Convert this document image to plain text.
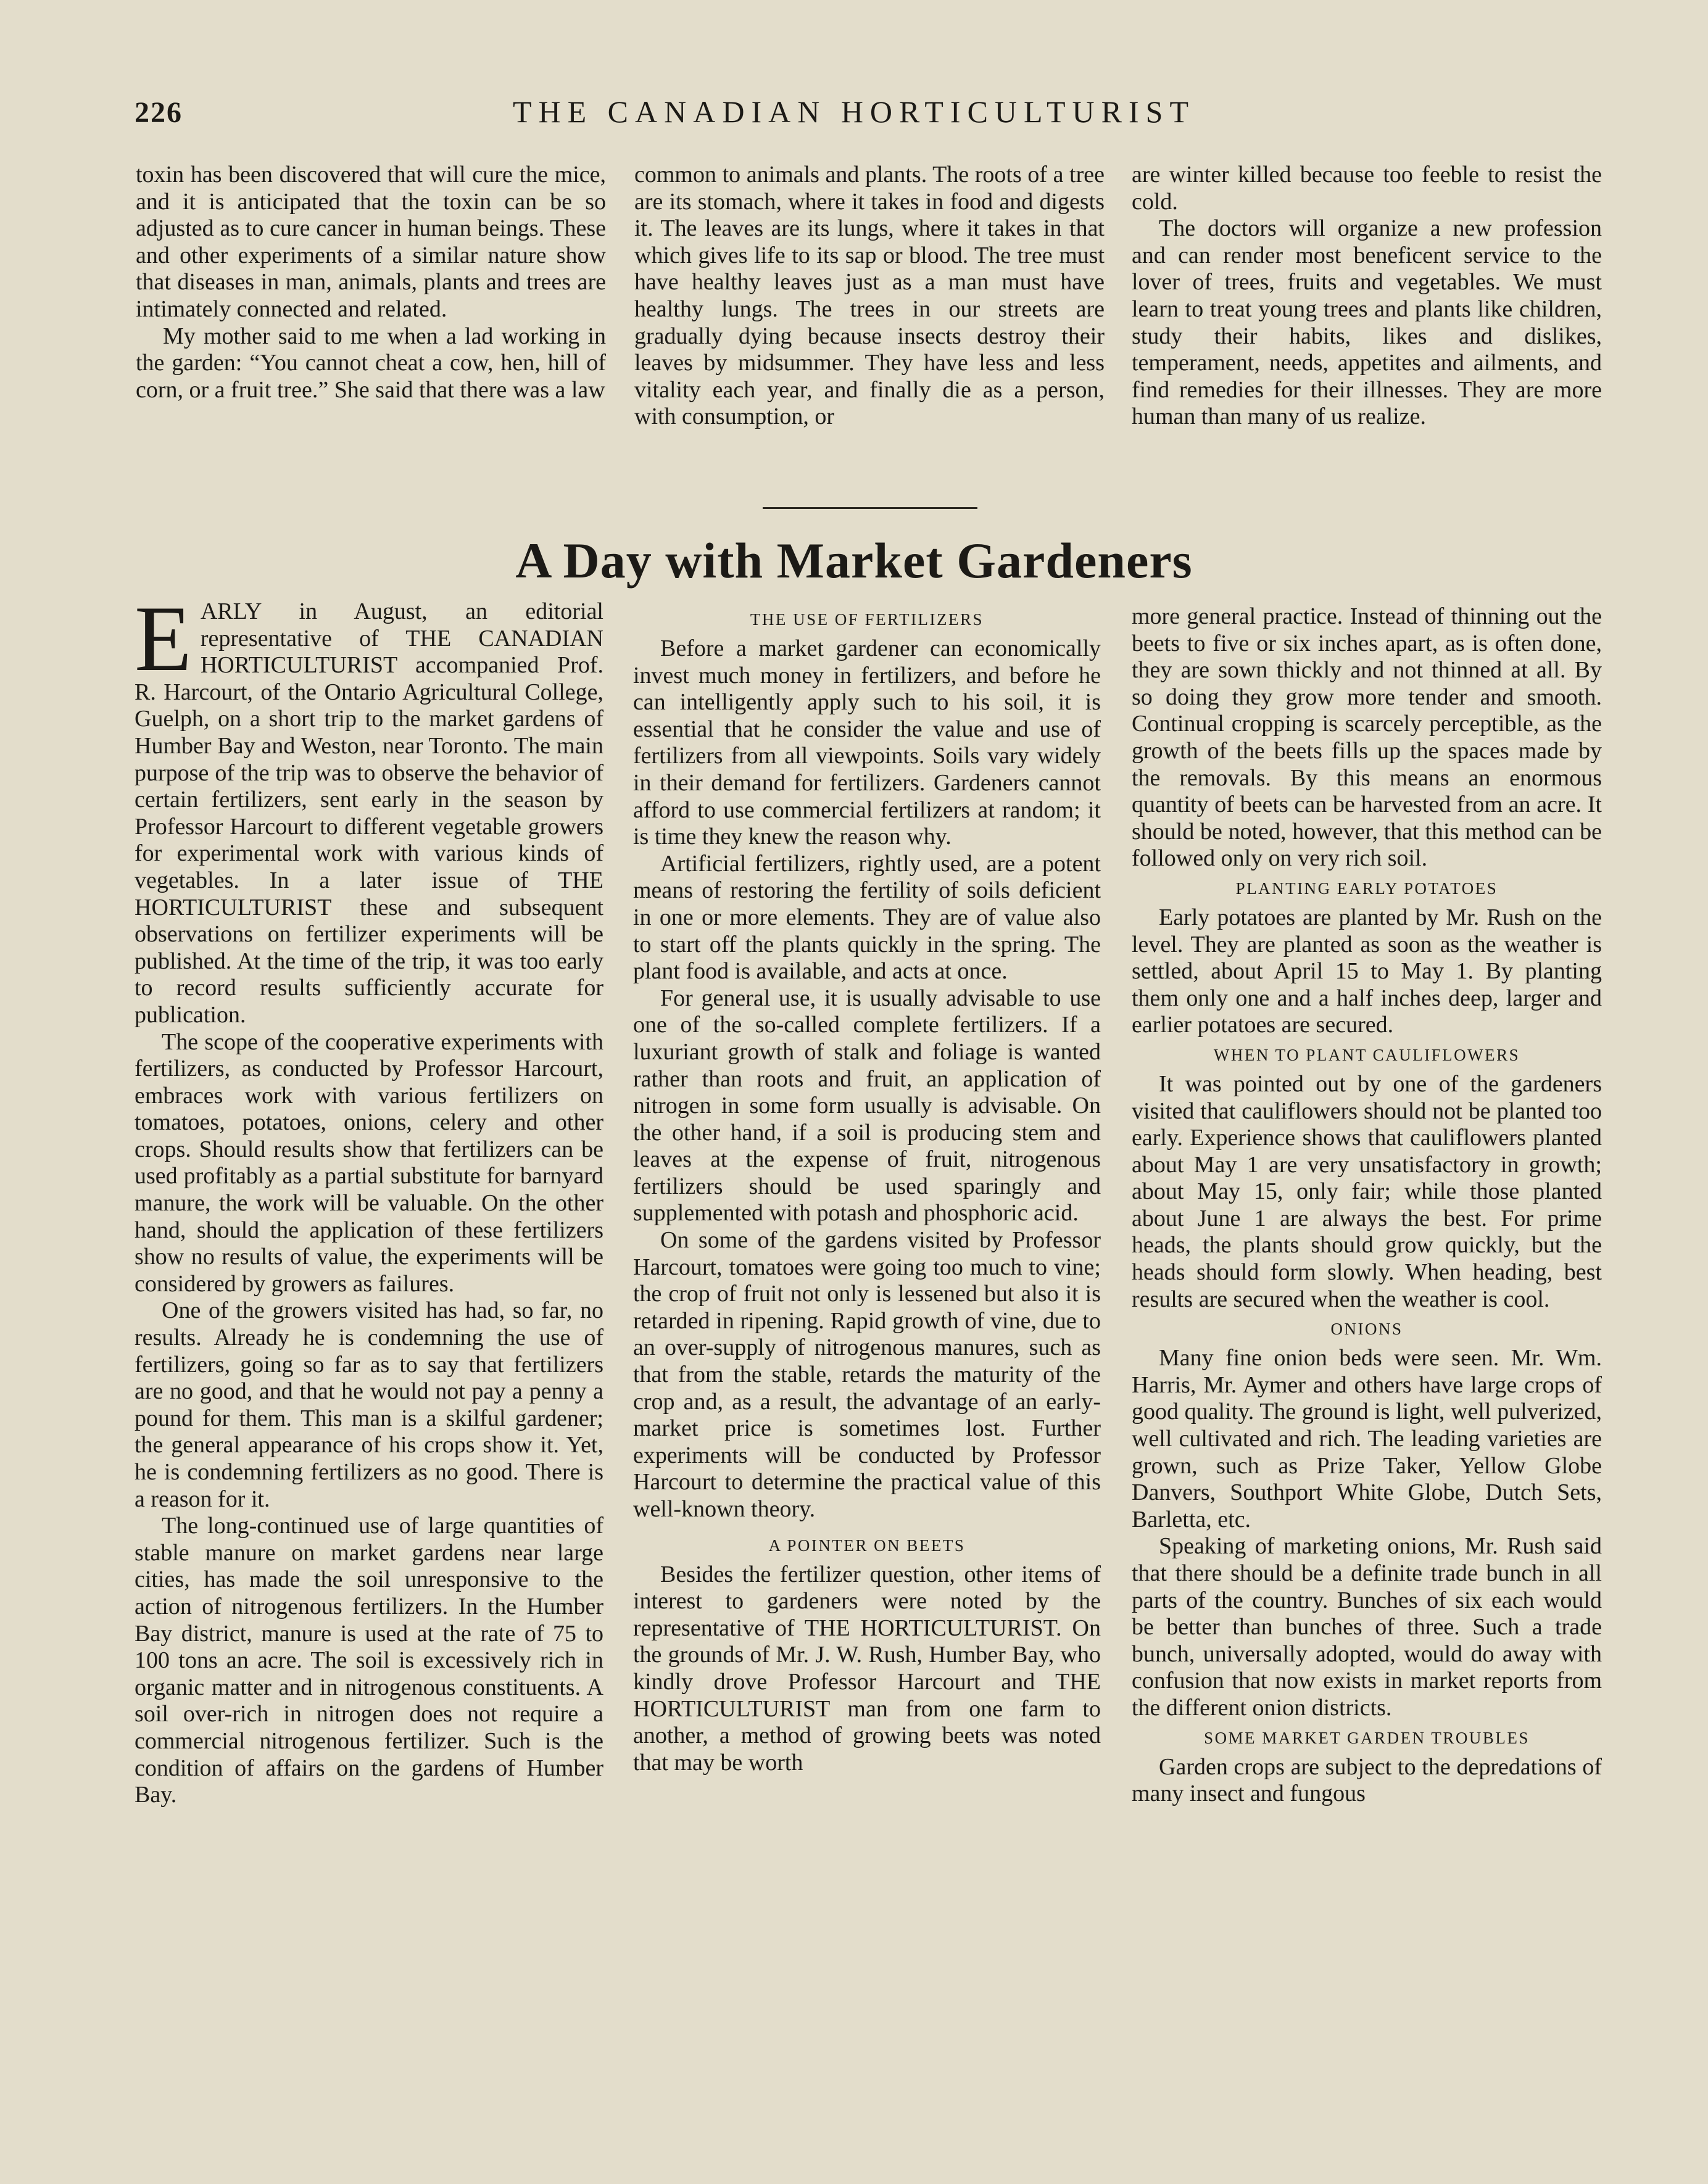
226	THE CANADIAN HORTICULTURIST

toxin has been discovered that will cure the mice, and it is anticipated that the toxin can be so adjusted as to cure cancer in human beings. These and other experiments of a similar nature show that diseases in man, animals, plants and trees are intimately connected and related.

My mother said to me when a lad working in the garden: “You cannot cheat a cow, hen, hill of corn, or a fruit tree.” She said that there was a law

common to animals and plants. The roots of a tree are its stomach, where it takes in food and digests it. The leaves are its lungs, where it takes in that which gives life to its sap or blood. The tree must have healthy leaves just as a man must have healthy lungs. The trees in our streets are gradually dying because insects destroy their leaves by midsummer. They have less and less vitality each year, and finally die as a person, with consumption, or

are winter killed because too feeble to resist the cold.

The doctors will organize a new profession and can render most beneficent service to the lover of trees, fruits and vegetables. We must learn to treat young trees and plants like children, study their habits, likes and dislikes, temperament, needs, appetites and ailments, and find remedies for their illnesses. They are more human than many of us realize.

A Day with Market Gardeners

EARLY in August, an editorial representative of THE CANADIAN HORTICULTURIST accompanied Prof. R. Harcourt, of the Ontario Agricultural College, Guelph, on a short trip to the market gardens of Humber Bay and Weston, near Toronto. The main purpose of the trip was to observe the behavior of certain fertilizers, sent early in the season by Professor Harcourt to different vegetable growers for experimental work with various kinds of vegetables. In a later issue of THE HORTICULTURIST these and subsequent observations on fertilizer experiments will be published. At the time of the trip, it was too early to record results sufficiently accurate for publication.

The scope of the cooperative experiments with fertilizers, as conducted by Professor Harcourt, embraces work with various fertilizers on tomatoes, potatoes, onions, celery and other crops. Should results show that fertilizers can be used profitably as a partial substitute for barnyard manure, the work will be valuable. On the other hand, should the application of these fertilizers show no results of value, the experiments will be considered by growers as failures.

One of the growers visited has had, so far, no results. Already he is condemning the use of fertilizers, going so far as to say that fertilizers are no good, and that he would not pay a penny a pound for them. This man is a skilful gardener; the general appearance of his crops show it. Yet, he is condemning fertilizers as no good. There is a reason for it.

The long-continued use of large quantities of stable manure on market gardens near large cities, has made the soil unresponsive to the action of nitrogenous fertilizers. In the Humber Bay district, manure is used at the rate of 75 to 100 tons an acre. The soil is excessively rich in organic matter and in nitrogenous constituents. A soil over-rich in nitrogen does not require a commercial nitrogenous fertilizer. Such is the condition of affairs on the gardens of Humber Bay.

THE USE OF FERTILIZERS

Before a market gardener can economically invest much money in fertilizers, and before he can intelligently apply such to his soil, it is essential that he consider the value and use of fertilizers from all viewpoints. Soils vary widely in their demand for fertilizers. Gardeners cannot afford to use commercial fertilizers at random; it is time they knew the reason why.

Artificial fertilizers, rightly used, are a potent means of restoring the fertility of soils deficient in one or more elements. They are of value also to start off the plants quickly in the spring. The plant food is available, and acts at once.

For general use, it is usually advisable to use one of the so-called complete fertilizers. If a luxuriant growth of stalk and foliage is wanted rather than roots and fruit, an application of nitrogen in some form usually is advisable. On the other hand, if a soil is producing stem and leaves at the expense of fruit, nitrogenous fertilizers should be used sparingly and supplemented with potash and phosphoric acid.

On some of the gardens visited by Professor Harcourt, tomatoes were going too much to vine; the crop of fruit not only is lessened but also it is retarded in ripening. Rapid growth of vine, due to an over-supply of nitrogenous manures, such as that from the stable, retards the maturity of the crop and, as a result, the advantage of an early-market price is sometimes lost. Further experiments will be conducted by Professor Harcourt to determine the practical value of this well-known theory.

A POINTER ON BEETS

Besides the fertilizer question, other items of interest to gardeners were noted by the representative of THE HORTICULTURIST. On the grounds of Mr. J. W. Rush, Humber Bay, who kindly drove Professor Harcourt and THE HORTICULTURIST man from one farm to another, a method of growing beets was noted that may be worth

more general practice. Instead of thinning out the beets to five or six inches apart, as is often done, they are sown thickly and not thinned at all. By so doing they grow more tender and smooth. Continual cropping is scarcely perceptible, as the growth of the beets fills up the spaces made by the removals. By this means an enormous quantity of beets can be harvested from an acre. It should be noted, however, that this method can be followed only on very rich soil.

PLANTING EARLY POTATOES

Early potatoes are planted by Mr. Rush on the level. They are planted as soon as the weather is settled, about April 15 to May 1. By planting them only one and a half inches deep, larger and earlier potatoes are secured.

WHEN TO PLANT CAULIFLOWERS

It was pointed out by one of the gardeners visited that cauliflowers should not be planted too early. Experience shows that cauliflowers planted about May 1 are very unsatisfactory in growth; about May 15, only fair; while those planted about June 1 are always the best. For prime heads, the plants should grow quickly, but the heads should form slowly. When heading, best results are secured when the weather is cool.

ONIONS

Many fine onion beds were seen. Mr. Wm. Harris, Mr. Aymer and others have large crops of good quality. The ground is light, well pulverized, well cultivated and rich. The leading varieties are grown, such as Prize Taker, Yellow Globe Danvers, Southport White Globe, Dutch Sets, Barletta, etc.

Speaking of marketing onions, Mr. Rush said that there should be a definite trade bunch in all parts of the country. Bunches of six each would be better than bunches of three. Such a trade bunch, universally adopted, would do away with confusion that now exists in market reports from the different onion districts.

SOME MARKET GARDEN TROUBLES

Garden crops are subject to the depredations of many insect and fungous
